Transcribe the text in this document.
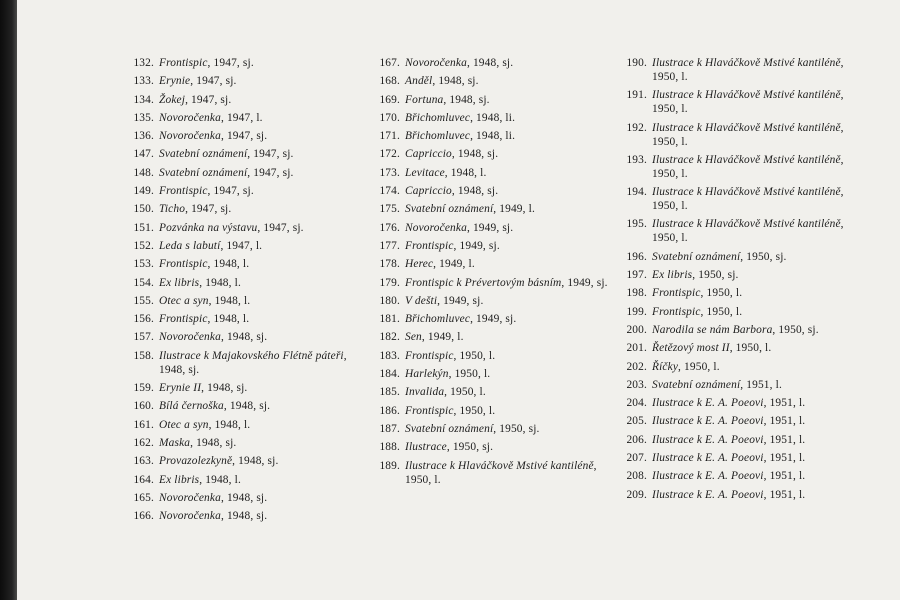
132. Frontispic, 1947, sj.
133. Erynie, 1947, sj.
134. Žokej, 1947, sj.
135. Novoročenka, 1947, l.
136. Novoročenka, 1947, sj.
147. Svatební oznámení, 1947, sj.
148. Svatební oznámení, 1947, sj.
149. Frontispic, 1947, sj.
150. Ticho, 1947, sj.
151. Pozvánka na výstavu, 1947, sj.
152. Leda s labutí, 1947, l.
153. Frontispic, 1948, l.
154. Ex libris, 1948, l.
155. Otec a syn, 1948, l.
156. Frontispic, 1948, l.
157. Novoročenka, 1948, sj.
158. Ilustrace k Majakovského Flétně páteři, 1948, sj.
159. Erynie II, 1948, sj.
160. Bílá černoška, 1948, sj.
161. Otec a syn, 1948, l.
162. Maska, 1948, sj.
163. Provazolezkyně, 1948, sj.
164. Ex libris, 1948, l.
165. Novoročenka, 1948, sj.
166. Novoročenka, 1948, sj.
167. Novoročenka, 1948, sj.
168. Anděl, 1948, sj.
169. Fortuna, 1948, sj.
170. Břichomluvec, 1948, li.
171. Břichomluvec, 1948, li.
172. Capriccio, 1948, sj.
173. Levitace, 1948, l.
174. Capriccio, 1948, sj.
175. Svatební oznámení, 1949, l.
176. Novoročenka, 1949, sj.
177. Frontispic, 1949, sj.
178. Herec, 1949, l.
179. Frontispic k Prévertovým básním, 1949, sj.
180. V dešti, 1949, sj.
181. Břichomluvec, 1949, sj.
182. Sen, 1949, l.
183. Frontispic, 1950, l.
184. Harlekýn, 1950, l.
185. Invalida, 1950, l.
186. Frontispic, 1950, l.
187. Svatební oznámení, 1950, sj.
188. Ilustrace, 1950, sj.
189. Ilustrace k Hlaváčkově Mstivé kantiléně, 1950, l.
190. Ilustrace k Hlaváčkově Mstivé kantiléně, 1950, l.
191. Ilustrace k Hlaváčkově Mstivé kantiléně, 1950, l.
192. Ilustrace k Hlaváčkově Mstivé kantiléně, 1950, l.
193. Ilustrace k Hlaváčkově Mstivé kantiléně, 1950, l.
194. Ilustrace k Hlaváčkově Mstivé kantiléně, 1950, l.
195. Ilustrace k Hlaváčkově Mstivé kantiléně, 1950, l.
196. Svatební oznámení, 1950, sj.
197. Ex libris, 1950, sj.
198. Frontispic, 1950, l.
199. Frontispic, 1950, l.
200. Narodila se nám Barbora, 1950, sj.
201. Řetězový most II, 1950, l.
202. Říčky, 1950, l.
203. Svatební oznámení, 1951, l.
204. Ilustrace k E. A. Poeovi, 1951, l.
205. Ilustrace k E. A. Poeovi, 1951, l.
206. Ilustrace k E. A. Poeovi, 1951, l.
207. Ilustrace k E. A. Poeovi, 1951, l.
208. Ilustrace k E. A. Poeovi, 1951, l.
209. Ilustrace k E. A. Poeovi, 1951, l.
